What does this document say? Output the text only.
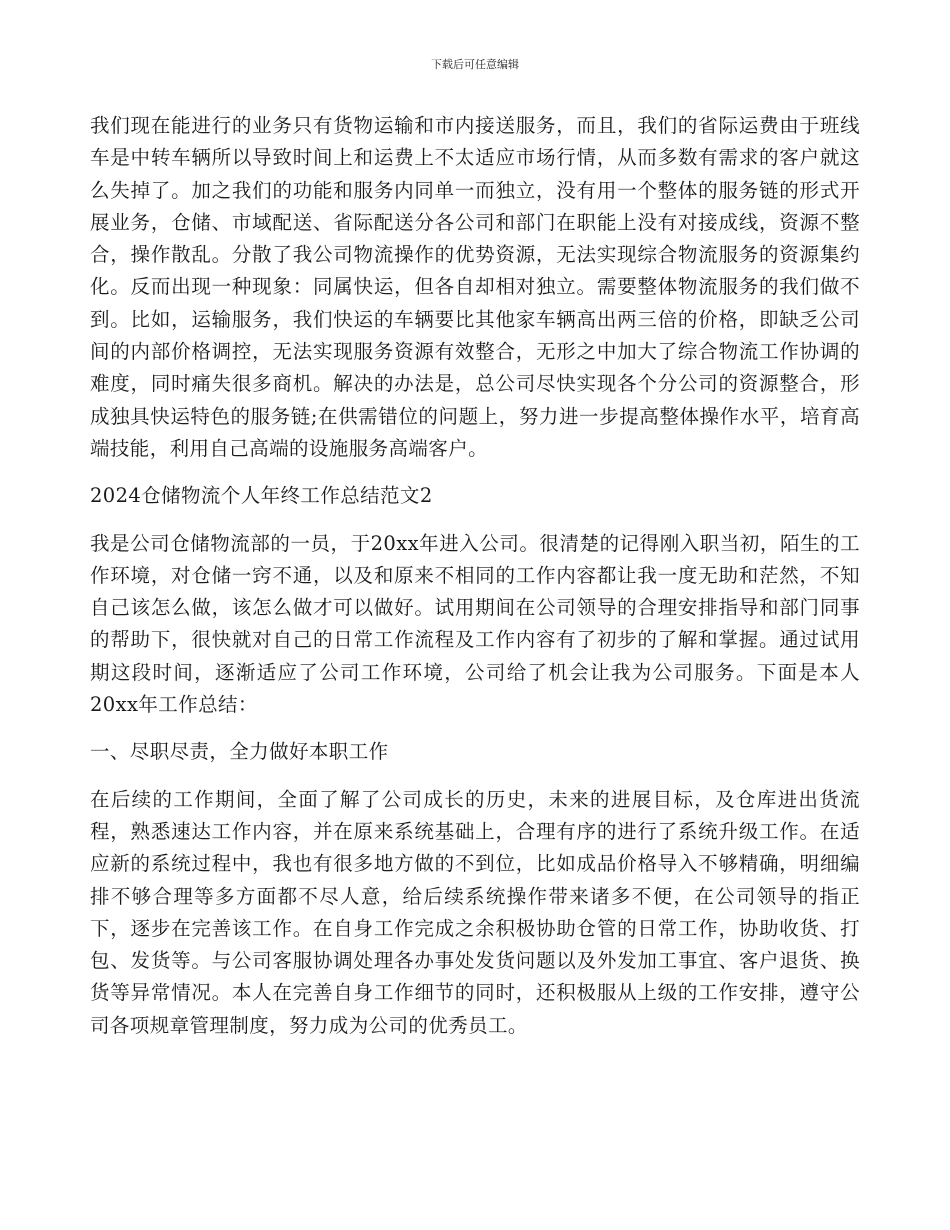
下载后可任意编辑

我们现在能进行的业务只有货物运输和市内接送服务，而且，我们的省际运费由于班线车是中转车辆所以导致时间上和运费上不太适应市场行情，从而多数有需求的客户就这么失掉了。加之我们的功能和服务内同单一而独立，没有用一个整体的服务链的形式开展业务，仓储、市域配送、省际配送分各公司和部门在职能上没有对接成线，资源不整合，操作散乱。分散了我公司物流操作的优势资源，无法实现综合物流服务的资源集约化。反而出现一种现象：同属快运，但各自却相对独立。需要整体物流服务的我们做不到。比如，运输服务，我们快运的车辆要比其他家车辆高出两三倍的价格，即缺乏公司间的内部价格调控，无法实现服务资源有效整合，无形之中加大了综合物流工作协调的难度，同时痛失很多商机。解决的办法是，总公司尽快实现各个分公司的资源整合，形成独具快运特色的服务链;在供需错位的问题上，努力进一步提高整体操作水平，培育高端技能，利用自己高端的设施服务高端客户。

2024仓储物流个人年终工作总结范文2

我是公司仓储物流部的一员，于20xx年进入公司。很清楚的记得刚入职当初，陌生的工作环境，对仓储一窍不通，以及和原来不相同的工作内容都让我一度无助和茫然，不知自己该怎么做，该怎么做才可以做好。试用期间在公司领导的合理安排指导和部门同事的帮助下，很快就对自己的日常工作流程及工作内容有了初步的了解和掌握。通过试用期这段时间，逐渐适应了公司工作环境，公司给了机会让我为公司服务。下面是本人20xx年工作总结：

一、尽职尽责，全力做好本职工作

在后续的工作期间，全面了解了公司成长的历史，未来的进展目标，及仓库进出货流程，熟悉速达工作内容，并在原来系统基础上，合理有序的进行了系统升级工作。在适应新的系统过程中，我也有很多地方做的不到位，比如成品价格导入不够精确，明细编排不够合理等多方面都不尽人意，给后续系统操作带来诸多不便，在公司领导的指正下，逐步在完善该工作。在自身工作完成之余积极协助仓管的日常工作，协助收货、打包、发货等。与公司客服协调处理各办事处发货问题以及外发加工事宜、客户退货、换货等异常情况。本人在完善自身工作细节的同时，还积极服从上级的工作安排，遵守公司各项规章管理制度，努力成为公司的优秀员工。
